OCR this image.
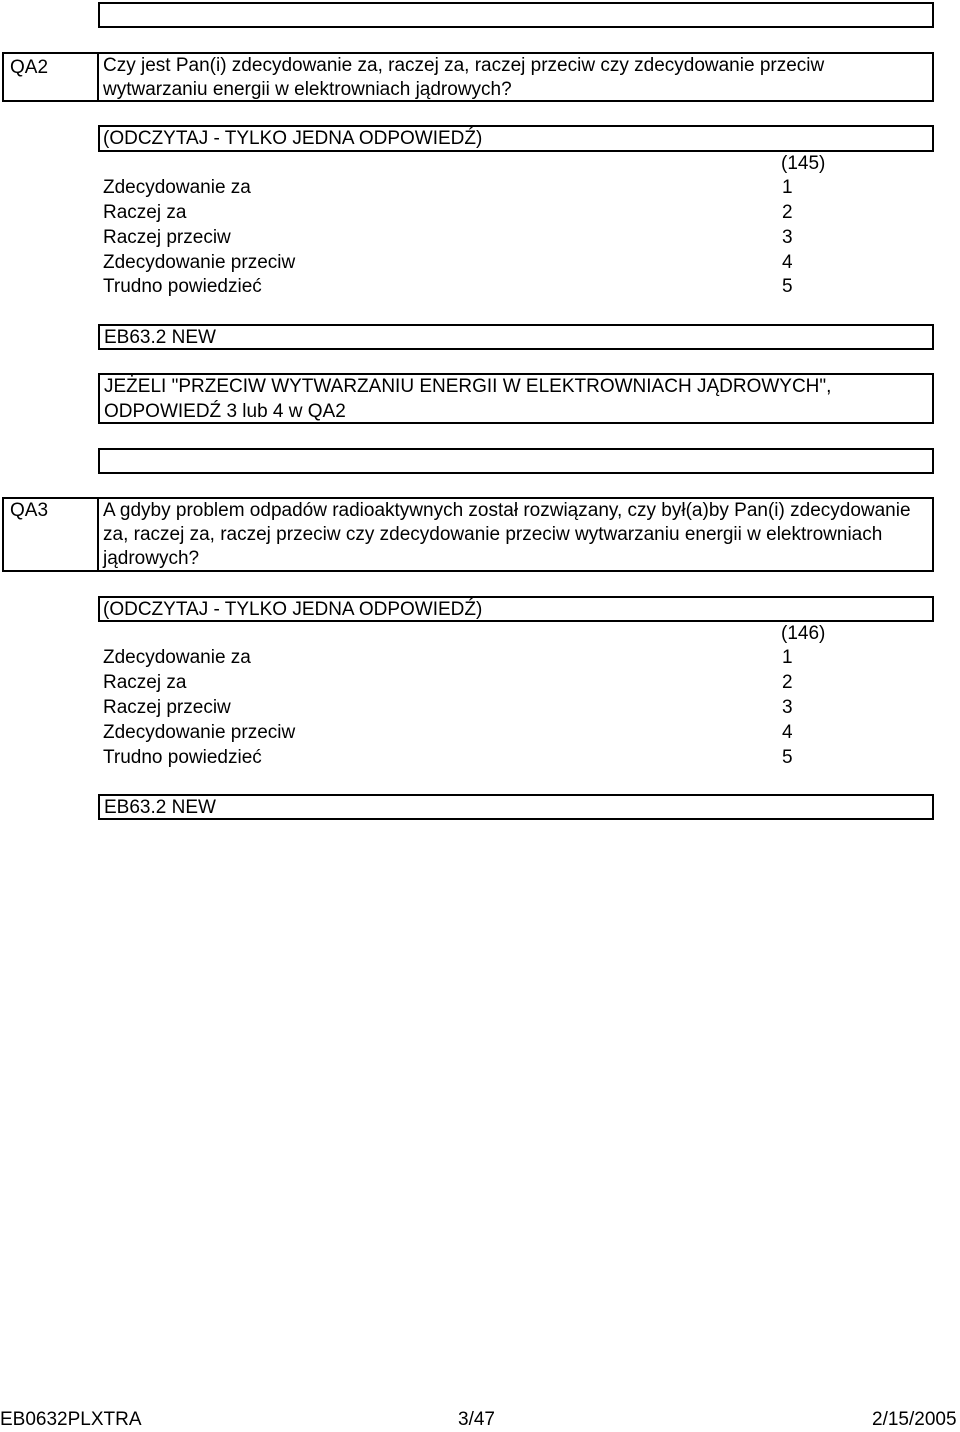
QA2	Czy jest Pan(i) zdecydowanie za, raczej za, raczej przeciw czy zdecydowanie przeciw wytwarzaniu energii w elektrowniach jądrowych?
(ODCZYTAJ - TYLKO JEDNA ODPOWIEDŹ)
(145)
Zdecydowanie za	1
Raczej za	2
Raczej przeciw	3
Zdecydowanie przeciw	4
Trudno powiedzieć	5
EB63.2 NEW
JEŻELI "PRZECIW WYTWARZANIU ENERGII W ELEKTROWNIACH JĄDROWYCH",
ODPOWIEDŹ 3 lub 4 w QA2
QA3	A gdyby problem odpadów radioaktywnych został rozwiązany, czy był(a)by Pan(i) zdecydowanie za, raczej za, raczej przeciw czy zdecydowanie przeciw wytwarzaniu energii w elektrowniach jądrowych?
(ODCZYTAJ - TYLKO JEDNA ODPOWIEDŹ)
(146)
Zdecydowanie za	1
Raczej za	2
Raczej przeciw	3
Zdecydowanie przeciw	4
Trudno powiedzieć	5
EB63.2 NEW
EB0632PLXTRA	3/47	2/15/2005
